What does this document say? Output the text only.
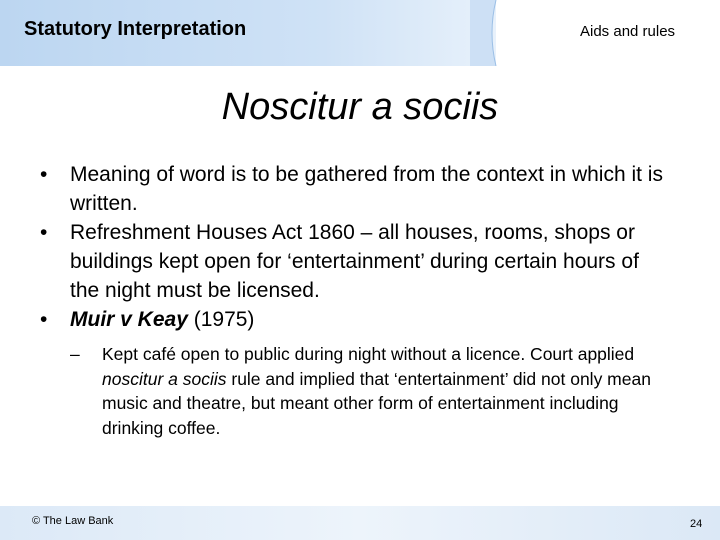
Statutory Interpretation	Aids and rules
Noscitur a sociis
• Meaning of word is to be gathered from the context in which it is written.
• Refreshment Houses Act 1860 – all houses, rooms, shops or buildings kept open for ‘entertainment’ during certain hours of the night must be licensed.
• Muir v Keay (1975)
– Kept café open to public during night without a licence. Court applied noscitur a sociis rule and implied that ‘entertainment’ did not only mean music and theatre, but meant other form of entertainment including drinking coffee.
© The Law Bank	24
